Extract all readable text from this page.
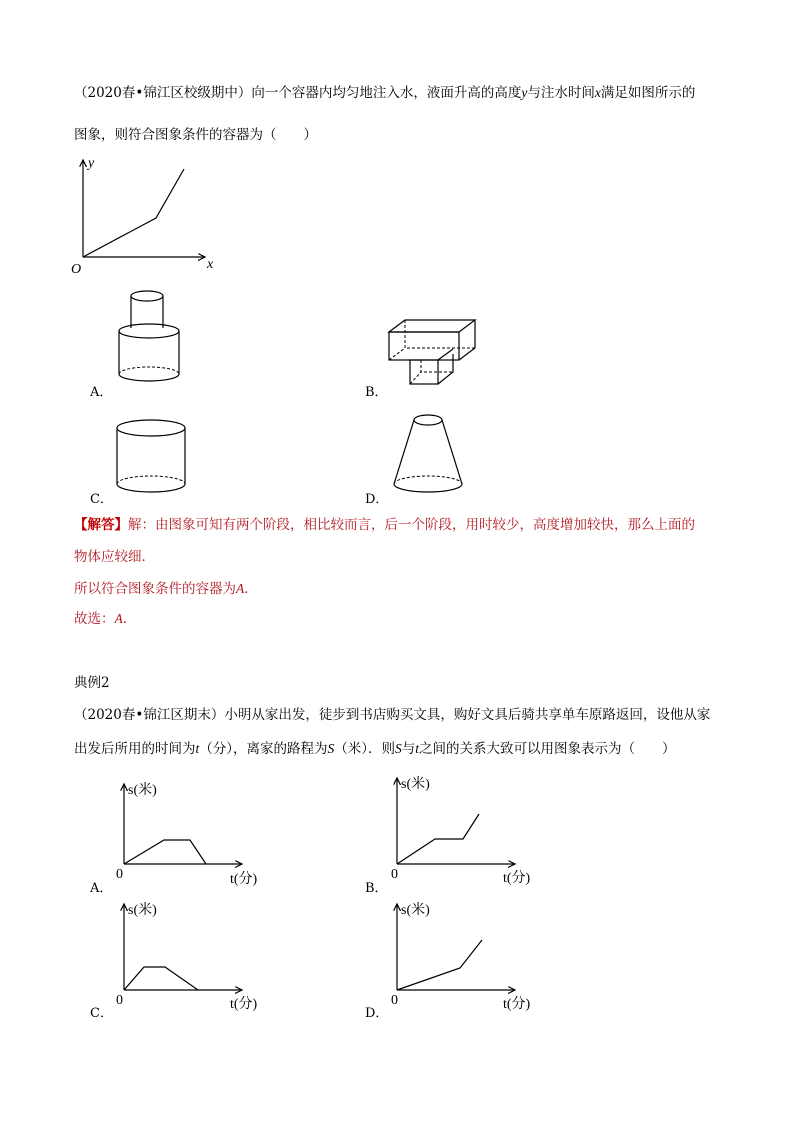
（2020春•锦江区校级期中）向一个容器内均匀地注入水，液面升高的高度y与注水时间x满足如图所示的
图象，则符合图象条件的容器为（　　）
y
x
O
A．	B．
C．	D．
【解答】解：由图象可知有两个阶段，相比较而言，后一个阶段，用时较少，高度增加较快，那么上面的
物体应较细．
所以符合图象条件的容器为A．
故选：A．
典例2
（2020春•锦江区期末）小明从家出发，徒步到书店购买文具，购好文具后骑共享单车原路返回，设他从家
出发后所用的时间为t（分），离家的路程为S（米）．则S与t之间的关系大致可以用图象表示为（　　）
s(米)
t(分)
0
A．
s(米)
t(分)
0
B．
s(米)
t(分)
0
C．
s(米)
t(分)
0
D．
